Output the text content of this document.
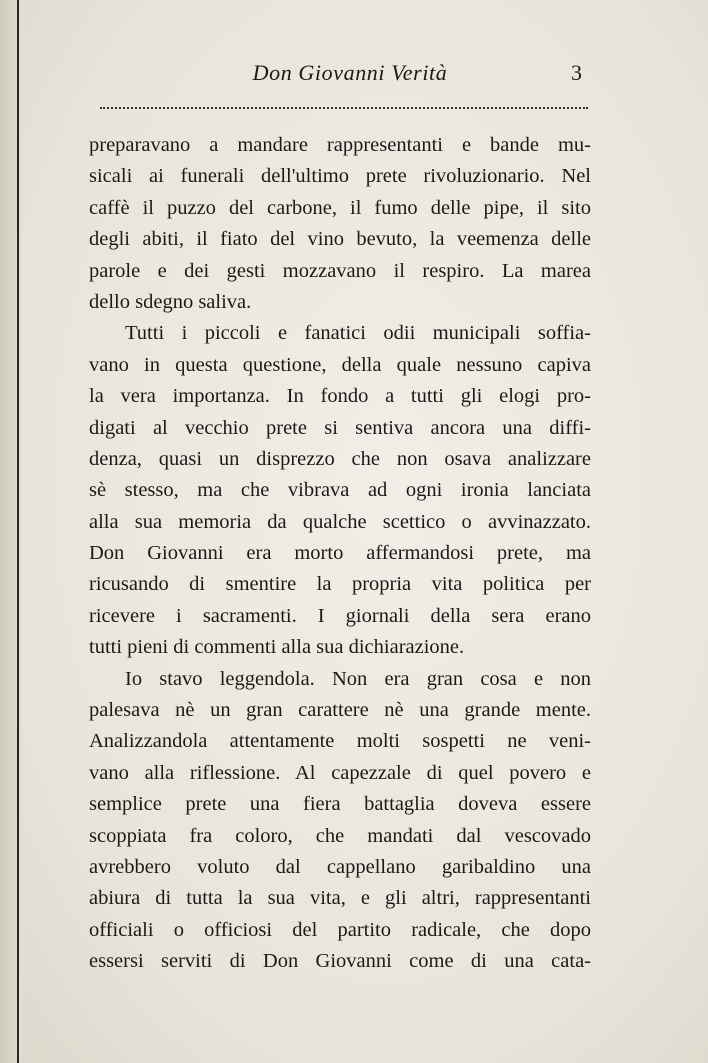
Don Giovanni Verità	3
preparavano a mandare rappresentanti e bande mu-
sicali ai funerali dell'ultimo prete rivoluzionario. Nel
caffè il puzzo del carbone, il fumo delle pipe, il sito
degli abiti, il fiato del vino bevuto, la veemenza delle
parole e dei gesti mozzavano il respiro. La marea
dello sdegno saliva.
Tutti i piccoli e fanatici odii municipali soffia-
vano in questa questione, della quale nessuno capiva
la vera importanza. In fondo a tutti gli elogi pro-
digati al vecchio prete si sentiva ancora una diffi-
denza, quasi un disprezzo che non osava analizzare
sè stesso, ma che vibrava ad ogni ironia lanciata
alla sua memoria da qualche scettico o avvinazzato.
Don Giovanni era morto affermandosi prete, ma
ricusando di smentire la propria vita politica per
ricevere i sacramenti. I giornali della sera erano
tutti pieni di commenti alla sua dichiarazione.
Io stavo leggendola. Non era gran cosa e non
palesava nè un gran carattere nè una grande mente.
Analizzandola attentamente molti sospetti ne veni-
vano alla riflessione. Al capezzale di quel povero e
semplice prete una fiera battaglia doveva essere
scoppiata fra coloro, che mandati dal vescovado
avrebbero voluto dal cappellano garibaldino una
abiura di tutta la sua vita, e gli altri, rappresentanti
officiali o officiosi del partito radicale, che dopo
essersi serviti di Don Giovanni come di una cata-
